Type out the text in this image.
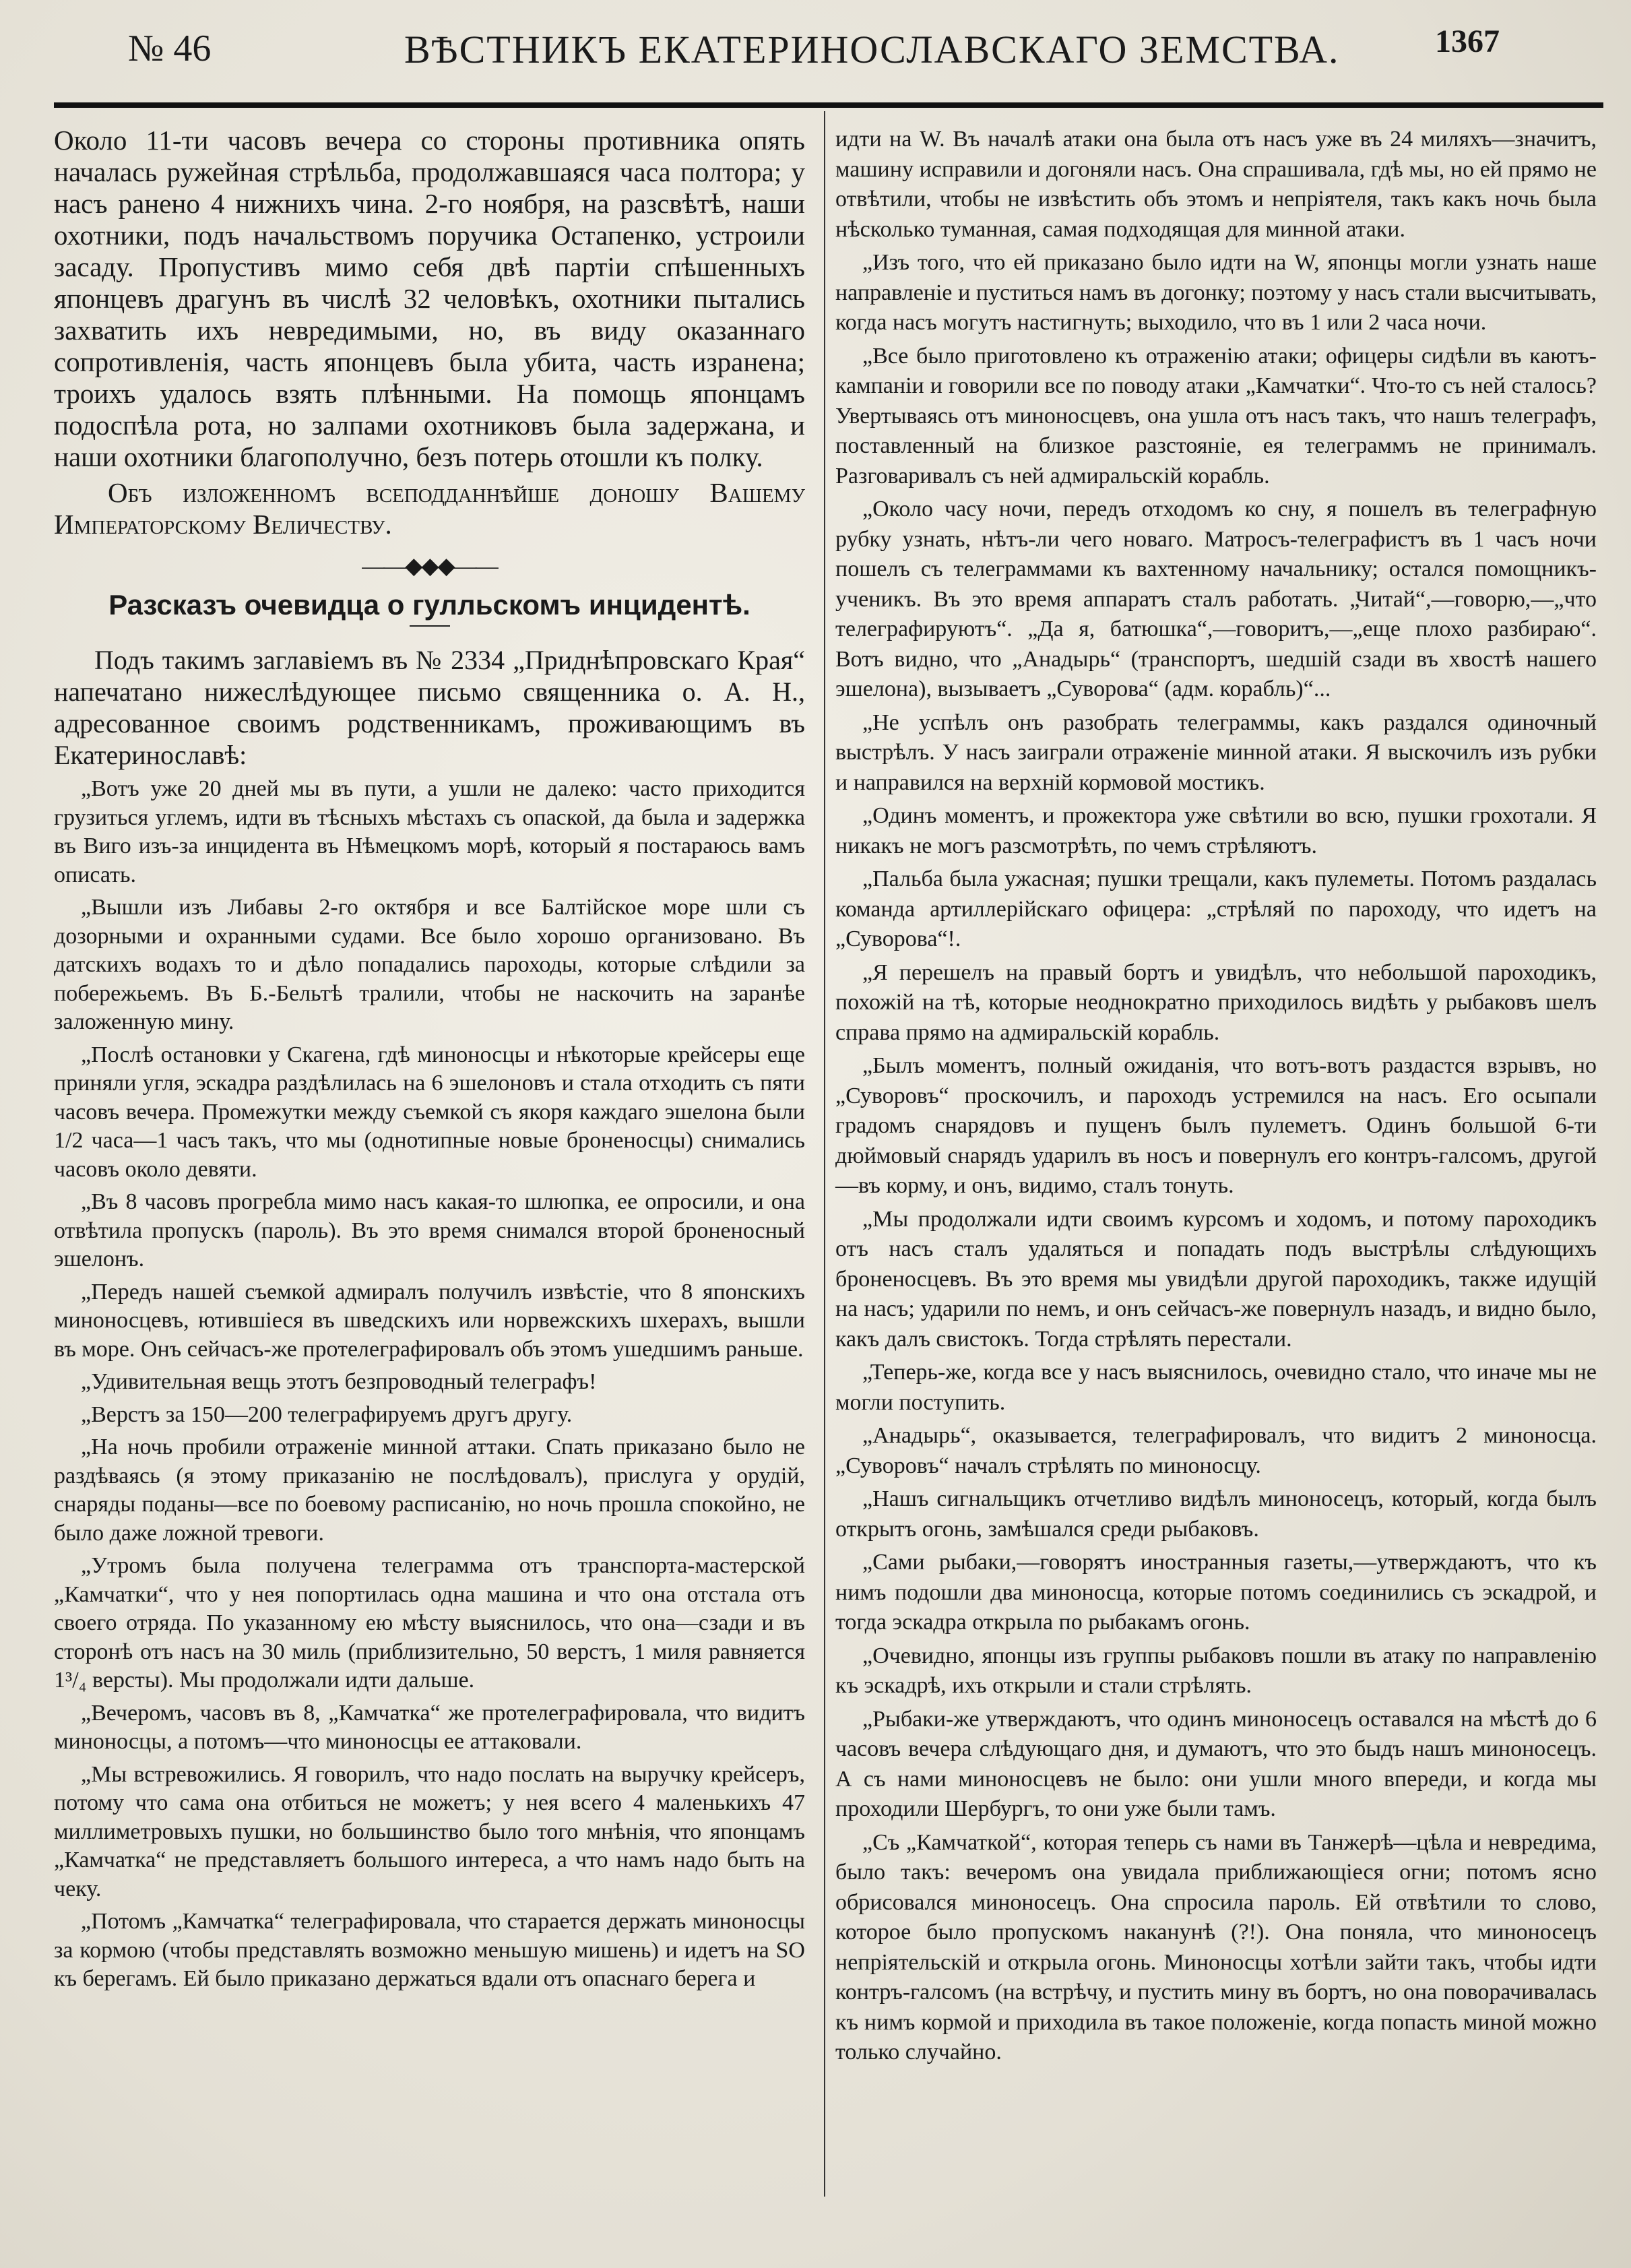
№ 46	ВѢСТНИКЪ ЕКАТЕРИНОСЛАВСКАГО ЗЕМСТВА.	1367

Около 11-ти часовъ вечера со стороны противника опять началась ружейная стрѣльба, продолжавшаяся часа полтора; у насъ ранено 4 нижнихъ чина. 2-го ноября, на разсвѣтѣ, наши охотники, подъ начальствомъ поручика Остапенко, устроили засаду. Пропустивъ мимо себя двѣ партіи спѣшенныхъ японцевъ драгунъ въ числѣ 32 человѣкъ, охотники пытались захватить ихъ невредимыми, но, въ виду оказаннаго сопротивленія, часть японцевъ была убита, часть изранена; троихъ удалось взять плѣнными. На помощь японцамъ подоспѣла рота, но залпами охотниковъ была задержана, и наши охотники благополучно, безъ потерь отошли къ полку.

Объ изложенномъ всеподданнѣйше доношу Вашему Императорскому Величеству.

——◆◆◆——
Разсказъ очевидца о гулльскомъ инцидентѣ.

Подъ такимъ заглавіемъ въ № 2334 „Приднѣпровскаго Края“ напечатано нижеслѣдующее письмо священника о. А. Н., адресованное своимъ родственникамъ, проживающимъ въ Екатеринославѣ:

„Вотъ уже 20 дней мы въ пути, а ушли не далеко: часто приходится грузиться углемъ, идти въ тѣсныхъ мѣстахъ съ опаской, да была и задержка въ Виго изъ-за инцидента въ Нѣмецкомъ морѣ, который я постараюсь вамъ описать.

„Вышли изъ Либавы 2-го октября и все Балтійское море шли съ дозорными и охранными судами. Все было хорошо организовано. Въ датскихъ водахъ то и дѣло попадались пароходы, которые слѣдили за побережьемъ. Въ Б.-Бельтѣ тралили, чтобы не наскочить на заранѣе заложенную мину.

„Послѣ остановки у Скагена, гдѣ миноносцы и нѣкоторые крейсеры еще приняли угля, эскадра раздѣлилась на 6 эшелоновъ и стала отходить съ пяти часовъ вечера. Промежутки между съемкой съ якоря каждаго эшелона были 1/2 часа—1 часъ такъ, что мы (однотипные новые броненосцы) снимались часовъ около девяти.

„Въ 8 часовъ прогребла мимо насъ какая-то шлюпка, ее опросили, и она отвѣтила пропускъ (пароль). Въ это время снимался второй броненосный эшелонъ.

„Передъ нашей съемкой адмиралъ получилъ извѣстіе, что 8 японскихъ миноносцевъ, ютившіеся въ шведскихъ или норвежскихъ шхерахъ, вышли въ море. Онъ сейчасъ-же протелеграфировалъ объ этомъ ушедшимъ раньше.

„Удивительная вещь этотъ безпроводный телеграфъ!

„Верстъ за 150—200 телеграфируемъ другъ другу.

„На ночь пробили отраженіе минной аттаки. Спать приказано было не раздѣваясь (я этому приказанію не послѣдовалъ), прислуга у орудій, снаряды поданы—все по боевому расписанію, но ночь прошла спокойно, не было даже ложной тревоги.

„Утромъ была получена телеграмма отъ транспорта-мастерской „Камчатки“, что у нея попортилась одна машина и что она отстала отъ своего отряда. По указанному ею мѣсту выяснилось, что она—сзади и въ сторонѣ отъ насъ на 30 миль (приблизительно, 50 верстъ, 1 миля равняется 1³/₄ версты). Мы продолжали идти дальше.

„Вечеромъ, часовъ въ 8, „Камчатка“ же протелеграфировала, что видитъ миноносцы, а потомъ—что миноносцы ее аттаковали.

„Мы встревожились. Я говорилъ, что надо послать на выручку крейсеръ, потому что сама она отбиться не можетъ; у нея всего 4 маленькихъ 47 миллиметровыхъ пушки, но большинство было того мнѣнія, что японцамъ „Камчатка“ не представляетъ большого интереса, а что намъ надо быть на чеку.

„Потомъ „Камчатка“ телеграфировала, что старается держать миноносцы за кормою (чтобы представлять возможно меньшую мишень) и идетъ на SO къ берегамъ. Ей было приказано держаться вдали отъ опаснаго берега и

идти на W. Въ началѣ атаки она была отъ насъ уже въ 24 миляхъ—значитъ, машину исправили и догоняли насъ. Она спрашивала, гдѣ мы, но ей прямо не отвѣтили, чтобы не извѣстить объ этомъ и непріятеля, такъ какъ ночь была нѣсколько туманная, самая подходящая для минной атаки.

„Изъ того, что ей приказано было идти на W, японцы могли узнать наше направленіе и пуститься намъ въ догонку; поэтому у насъ стали высчитывать, когда насъ могутъ настигнуть; выходило, что въ 1 или 2 часа ночи.

„Все было приготовлено къ отраженію атаки; офицеры сидѣли въ каютъ-кампаніи и говорили все по поводу атаки „Камчатки“. Что-то съ ней сталось? Увертываясь отъ миноносцевъ, она ушла отъ насъ такъ, что нашъ телеграфъ, поставленный на близкое разстояніе, ея телеграммъ не принималъ. Разговаривалъ съ ней адмиральскій корабль.

„Около часу ночи, передъ отходомъ ко сну, я пошелъ въ телеграфную рубку узнать, нѣтъ-ли чего новаго. Матросъ-телеграфистъ въ 1 часъ ночи пошелъ съ телеграммами къ вахтенному начальнику; остался помощникъ-ученикъ. Въ это время аппаратъ сталъ работать. „Читай“,—говорю,—„что телеграфируютъ“. „Да я, батюшка“,—говоритъ,—„еще плохо разбираю“. Вотъ видно, что „Анадырь“ (транспортъ, шедшій сзади въ хвостѣ нашего эшелона), вызываетъ „Суворова“ (адм. корабль)“...

„Не успѣлъ онъ разобрать телеграммы, какъ раздался одиночный выстрѣлъ. У насъ заиграли отраженіе минной атаки. Я выскочилъ изъ рубки и направился на верхній кормовой мостикъ.

„Одинъ моментъ, и прожектора уже свѣтили во всю, пушки грохотали. Я никакъ не могъ разсмотрѣть, по чемъ стрѣляютъ.

„Пальба была ужасная; пушки трещали, какъ пулеметы. Потомъ раздалась команда артиллерійскаго офицера: „стрѣляй по пароходу, что идетъ на „Суворова“!.

„Я перешелъ на правый бортъ и увидѣлъ, что небольшой пароходикъ, похожій на тѣ, которые неоднократно приходилось видѣть у рыбаковъ шелъ справа прямо на адмиральскій корабль.

„Былъ моментъ, полный ожиданія, что вотъ-вотъ раздастся взрывъ, но „Суворовъ“ проскочилъ, и пароходъ устремился на насъ. Его осыпали градомъ снарядовъ и пущенъ былъ пулеметъ. Одинъ большой 6-ти дюймовый снарядъ ударилъ въ носъ и повернулъ его контръ-галсомъ, другой—въ корму, и онъ, видимо, сталъ тонуть.

„Мы продолжали идти своимъ курсомъ и ходомъ, и потому пароходикъ отъ насъ сталъ удаляться и попадать подъ выстрѣлы слѣдующихъ броненосцевъ. Въ это время мы увидѣли другой пароходикъ, также идущій на насъ; ударили по немъ, и онъ сейчасъ-же повернулъ назадъ, и видно было, какъ далъ свистокъ. Тогда стрѣлять перестали.

„Теперь-же, когда все у насъ выяснилось, очевидно стало, что иначе мы не могли поступить.

„Анадырь“, оказывается, телеграфировалъ, что видитъ 2 миноносца. „Суворовъ“ началъ стрѣлять по миноносцу.

„Нашъ сигнальщикъ отчетливо видѣлъ миноносецъ, который, когда былъ открытъ огонь, замѣшался среди рыбаковъ.

„Сами рыбаки,—говорятъ иностранныя газеты,—утверждаютъ, что къ нимъ подошли два миноносца, которые потомъ соединились съ эскадрой, и тогда эскадра открыла по рыбакамъ огонь.

„Очевидно, японцы изъ группы рыбаковъ пошли въ атаку по направленію къ эскадрѣ, ихъ открыли и стали стрѣлять.

„Рыбаки-же утверждаютъ, что одинъ миноносецъ оставался на мѣстѣ до 6 часовъ вечера слѣдующаго дня, и думаютъ, что это быдъ нашъ миноносецъ. А съ нами миноносцевъ не было: они ушли много впереди, и когда мы проходили Шербургъ, то они уже были тамъ.

„Съ „Камчаткой“, которая теперь съ нами въ Танжерѣ—цѣла и невредима, было такъ: вечеромъ она увидала приближающіеся огни; потомъ ясно обрисовался миноносецъ. Она спросила пароль. Ей отвѣтили то слово, которое было пропускомъ наканунѣ (?!). Она поняла, что миноносецъ непріятельскій и открыла огонь. Миноносцы хотѣли зайти такъ, чтобы идти контръ-галсомъ (на встрѣчу, и пустить мину въ бортъ, но она поворачивалась къ нимъ кормой и приходила въ такое положеніе, когда попасть миной можно только случайно.
